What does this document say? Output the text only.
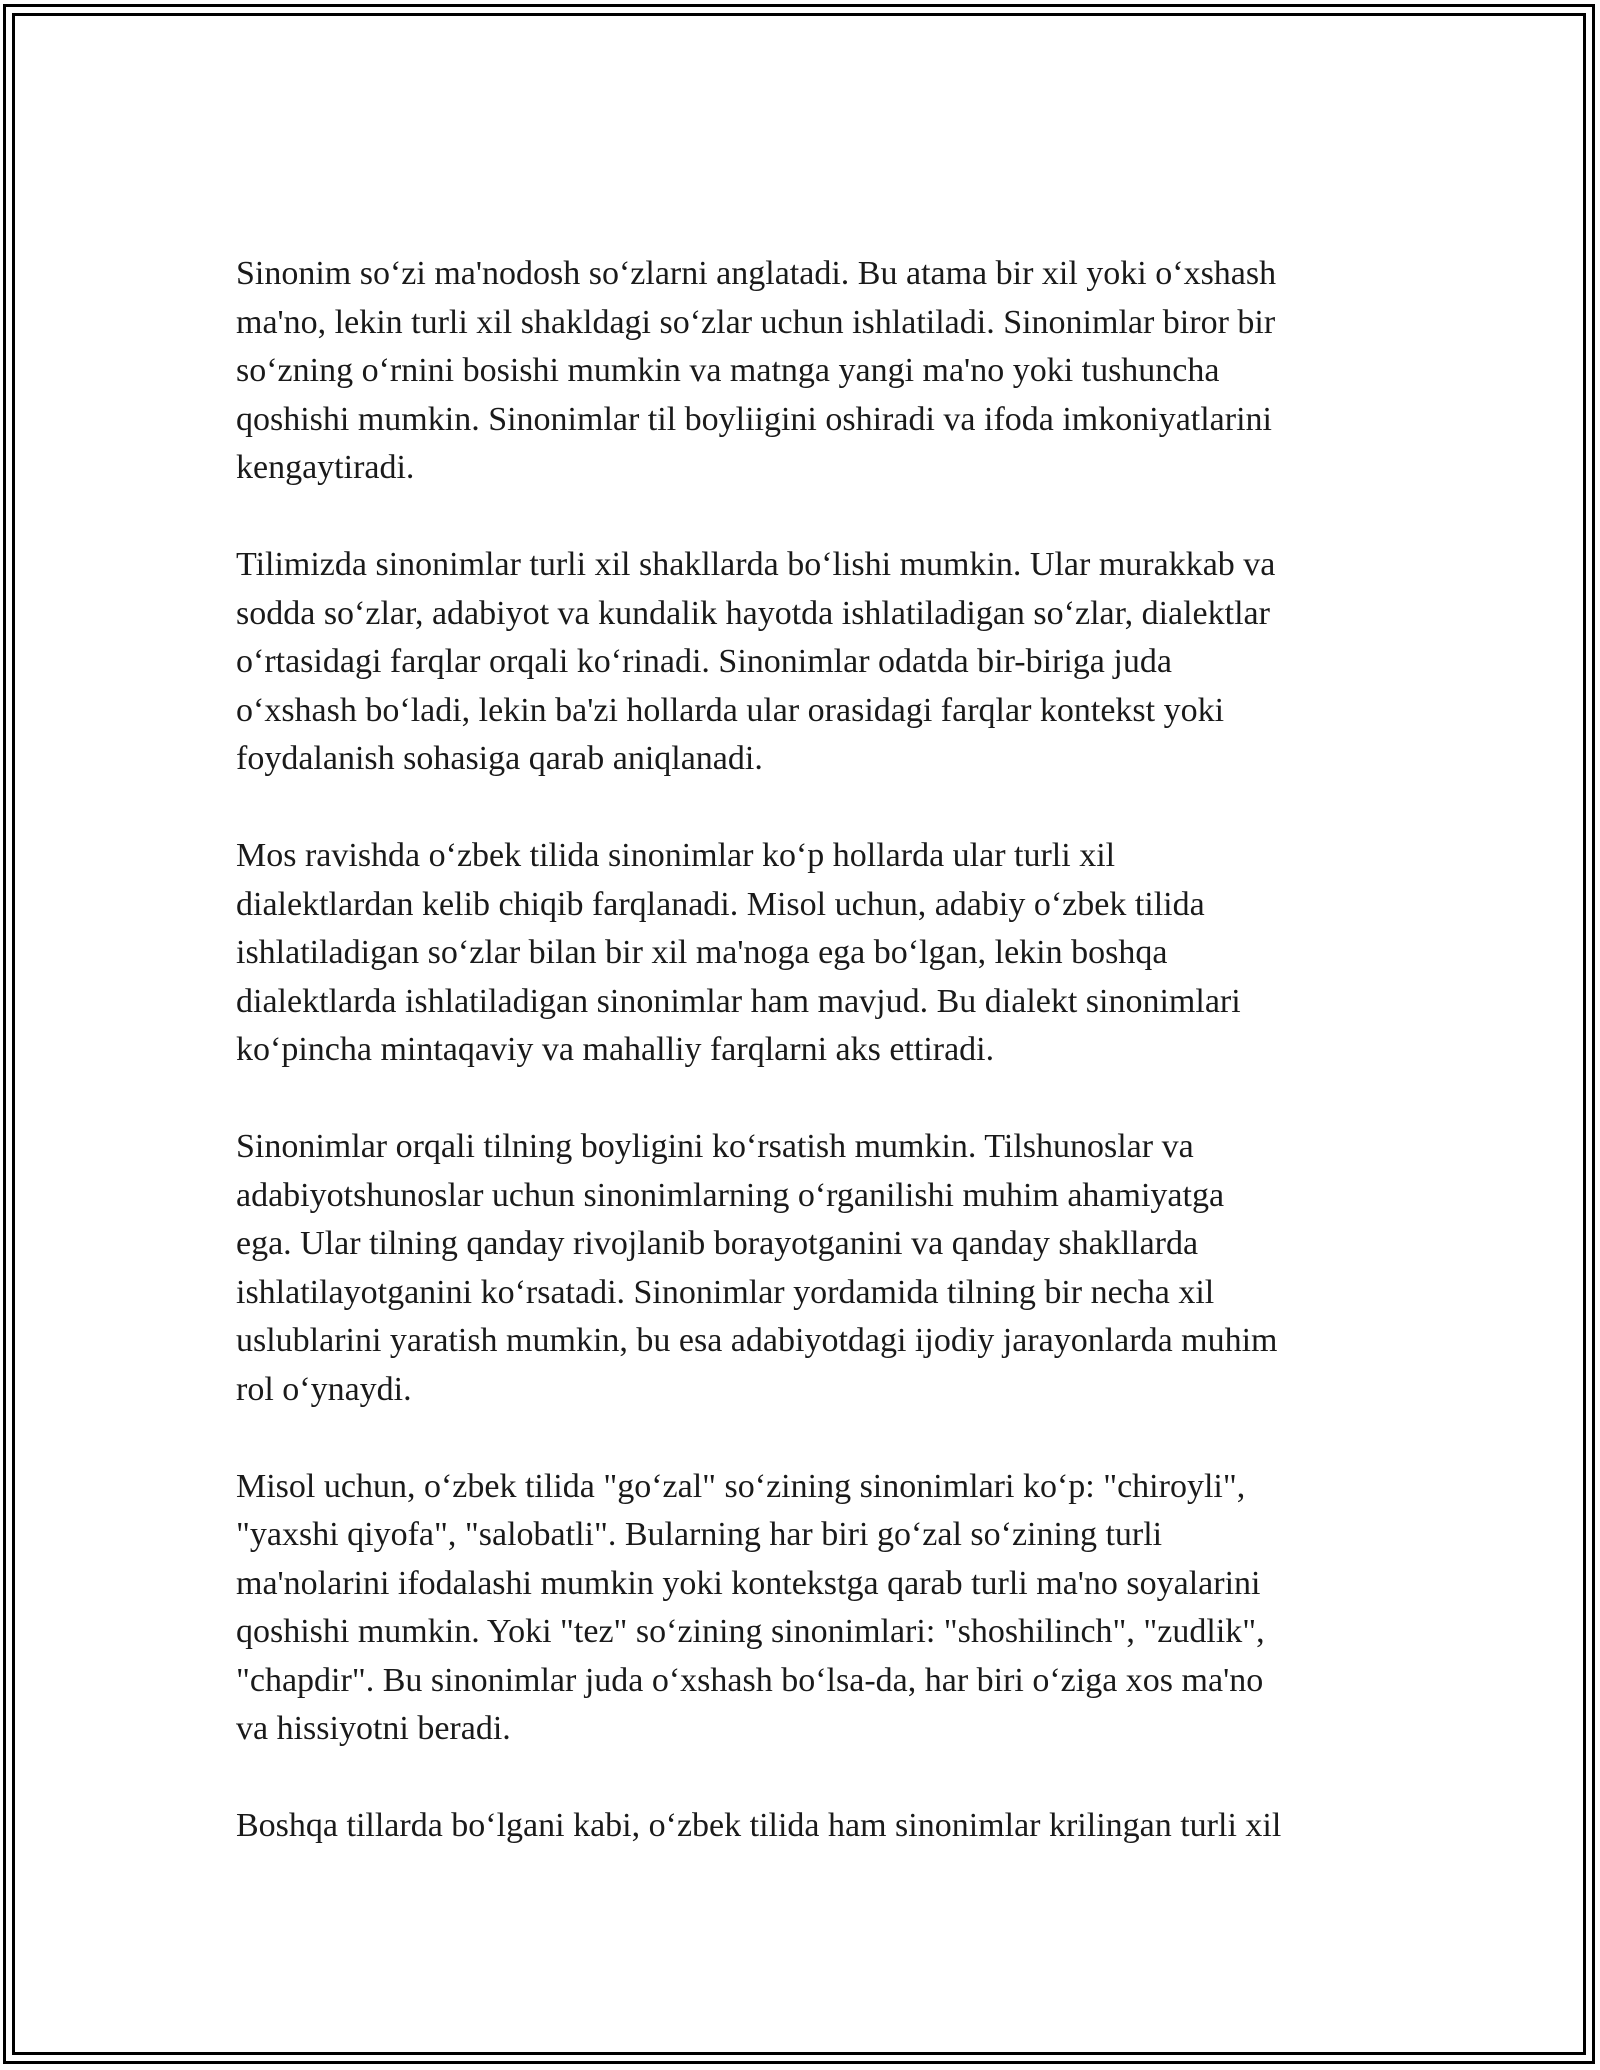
Sinonim so‘zi ma'nodosh so‘zlarni anglatadi. Bu atama bir xil yoki o‘xshash
ma'no, lekin turli xil shakldagi so‘zlar uchun ishlatiladi. Sinonimlar biror bir
so‘zning o‘rnini bosishi mumkin va matnga yangi ma'no yoki tushuncha
qoshishi mumkin. Sinonimlar til boyliigini oshiradi va ifoda imkoniyatlarini
kengaytiradi.

Tilimizda sinonimlar turli xil shakllarda bo‘lishi mumkin. Ular murakkab va
sodda so‘zlar, adabiyot va kundalik hayotda ishlatiladigan so‘zlar, dialektlar
o‘rtasidagi farqlar orqali ko‘rinadi. Sinonimlar odatda bir-biriga juda
o‘xshash bo‘ladi, lekin ba'zi hollarda ular orasidagi farqlar kontekst yoki
foydalanish sohasiga qarab aniqlanadi.

Mos ravishda o‘zbek tilida sinonimlar ko‘p hollarda ular turli xil
dialektlardan kelib chiqib farqlanadi. Misol uchun, adabiy o‘zbek tilida
ishlatiladigan so‘zlar bilan bir xil ma'noga ega bo‘lgan, lekin boshqa
dialektlarda ishlatiladigan sinonimlar ham mavjud. Bu dialekt sinonimlari
ko‘pincha mintaqaviy va mahalliy farqlarni aks ettiradi.

Sinonimlar orqali tilning boyligini ko‘rsatish mumkin. Tilshunoslar va
adabiyotshunoslar uchun sinonimlarning o‘rganilishi muhim ahamiyatga
ega. Ular tilning qanday rivojlanib borayotganini va qanday shakllarda
ishlatilayotganini ko‘rsatadi. Sinonimlar yordamida tilning bir necha xil
uslublarini yaratish mumkin, bu esa adabiyotdagi ijodiy jarayonlarda muhim
rol o‘ynaydi.

Misol uchun, o‘zbek tilida "go‘zal" so‘zining sinonimlari ko‘p: "chiroyli",
"yaxshi qiyofa", "salobatli". Bularning har biri go‘zal so‘zining turli
ma'nolarini ifodalashi mumkin yoki kontekstga qarab turli ma'no soyalarini
qoshishi mumkin. Yoki "tez" so‘zining sinonimlari: "shoshilinch", "zudlik",
"chapdir". Bu sinonimlar juda o‘xshash bo‘lsa-da, har biri o‘ziga xos ma'no
va hissiyotni beradi.

Boshqa tillarda bo‘lgani kabi, o‘zbek tilida ham sinonimlar krilingan turli xil
